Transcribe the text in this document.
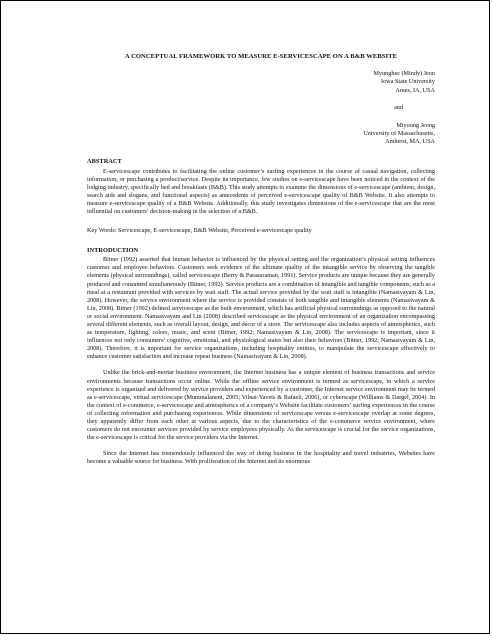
A CONCEPTUAL FRAMEWORK TO MEASURE E-SERVICESCAPE ON A B&B WEBSITE
Myunghee (Mindy) Jeon
Iowa State University
Ames, IA, USA
and
Miyoung Jeong
University of Massachusetts,
Amherst, MA, USA
ABSTRACT

E-servicescape contributes to facilitating the online customer’s surfing experiences in the course of casual navigation, collecting information, or purchasing a product/service. Despite its importance, few studies on e-servicescape have been noticed in the context of the lodging industry, specifically bed and breakfasts (B&B). This study attempts to examine the dimensions of e-servicescape (ambient, design, search aids and slogans, and functional aspects) as antecedents of perceived e-servicescape quality of B&B Website. It also attempts to measure e-servicescape quality of a B&B Website. Additionally, this study investigates dimensions of the e-servicescape that are the most influential on customers’ decision-making in the selection of a B&B.

Key Words: Servicescape, E-servicescape, B&B Website, Perceived e-servicescape quality

INTRODUCTION

Bitner (1992) asserted that human behavior is influenced by the physical setting and the organization’s physical setting influences customer and employee behaviors. Customers seek evidence of the ultimate quality of the intangible service by observing the tangible elements (physical surroundings), called servicescape (Berry & Parasuraman, 1991). Service products are unique because they are generally produced and consumed simultaneously (Bitner, 1992). Service products are a combination of intangible and tangible components, such as a meal at a restaurant provided with services by wait staff. The actual service provided by the wait staff is intangible (Namasivayam & Lin, 2008). However, the service environment where the service is provided consists of both tangible and intangible elements (Namasivayam & Lin, 2008). Bitner (1992) defined servicescape as the built environment, which has artificial physical surroundings as opposed to the natural or social environment. Namasivayam and Lin (2008) described servicescape as the physical environment of an organization encompassing several different elements, such as overall layout, design, and décor of a store. The servicescape also includes aspects of atmospherics, such as temperature, lighting, colors, music, and scent (Bitner, 1992; Namasivayam & Lin, 2008). The servicescape is important, since it influences not only consumers’ cognitive, emotional, and physiological states but also their behaviors (Bitner, 1992; Namasivayam & Lin, 2008). Therefore, it is important for service organizations, including hospitality entities, to manipulate the servicescape effectively to enhance customer satisfaction and increase repeat business (Namasivayam & Lin, 2008).

Unlike the brick-and-mortar business environment, the Internet business has a unique element of business transactions and service environments because transactions occur online. While the offline service environment is termed as servicescape, in which a service experience is organized and delivered by service providers and experienced by a customer, the Internet service environment may be termed as e-servicescape, virtual servicescape (Mummalaneni, 2005; Vilnai-Yavets & Rafaeli, 2006), or cyberscape (Williams & Dargel, 2004). In the context of e-commerce, e-servicescape and atmospherics of a company’s Website facilitate customers’ surfing experiences in the course of collecting information and purchasing experiences. While dimensions of servicescape versus e-servicescape overlap at some degrees, they apparently differ from each other at various aspects, due to the characteristics of the e-commerce service environment, where customers do not encounter services provided by service employees physically. As the servicescape is crucial for the service organizations, the e-servicescape is critical for the service providers via the Internet.

Since the Internet has tremendously influenced the way of doing business in the hospitality and travel industries, Websites have become a valuable source for business. With proliferation of the Internet and its enormous
